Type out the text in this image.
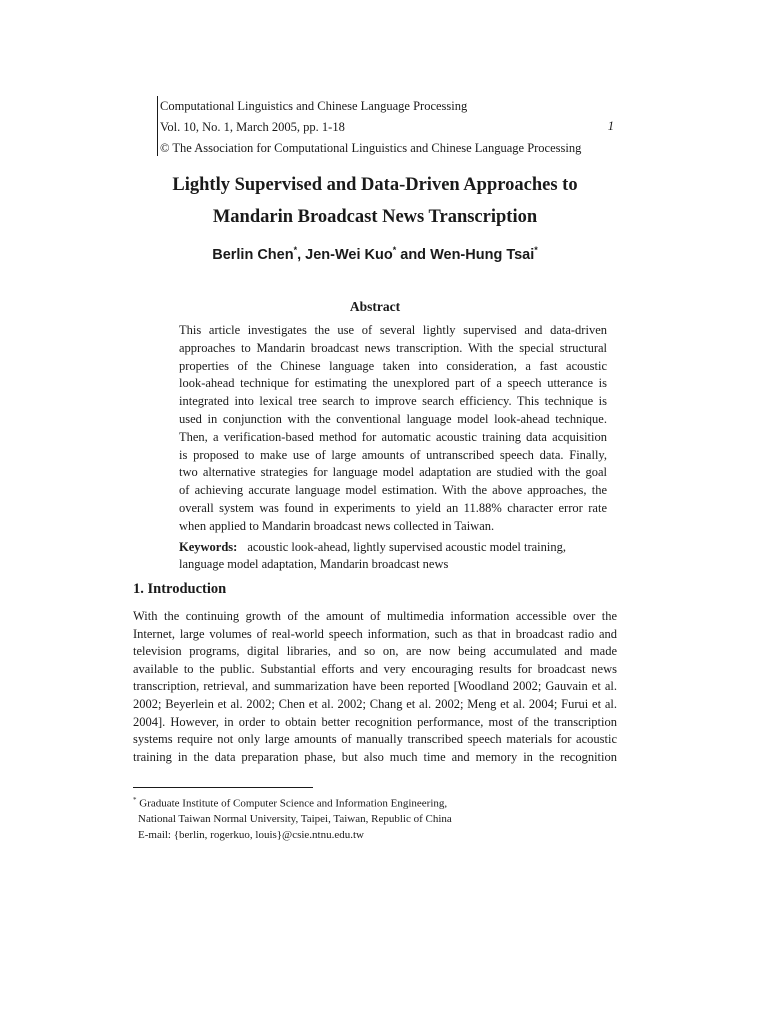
Computational Linguistics and Chinese Language Processing
Vol. 10, No. 1, March 2005, pp. 1-18
© The Association for Computational Linguistics and Chinese Language Processing
1
Lightly Supervised and Data-Driven Approaches to
Mandarin Broadcast News Transcription
Berlin Chen*, Jen-Wei Kuo* and Wen-Hung Tsai*
Abstract
This article investigates the use of several lightly supervised and data-driven
approaches to Mandarin broadcast news transcription. With the special structural
properties of the Chinese language taken into consideration, a fast acoustic
look-ahead technique for estimating the unexplored part of a speech utterance is
integrated into lexical tree search to improve search efficiency. This technique is
used in conjunction with the conventional language model look-ahead technique.
Then, a verification-based method for automatic acoustic training data acquisition
is proposed to make use of large amounts of untranscribed speech data. Finally,
two alternative strategies for language model adaptation are studied with the goal
of achieving accurate language model estimation. With the above approaches, the
overall system was found in experiments to yield an 11.88% character error rate
when applied to Mandarin broadcast news collected in Taiwan.
Keywords: acoustic look-ahead, lightly supervised acoustic model training,
language model adaptation, Mandarin broadcast news
1. Introduction
With the continuing growth of the amount of multimedia information accessible over the
Internet, large volumes of real-world speech information, such as that in broadcast radio and
television programs, digital libraries, and so on, are now being accumulated and made
available to the public. Substantial efforts and very encouraging results for broadcast news
transcription, retrieval, and summarization have been reported [Woodland 2002; Gauvain et al.
2002; Beyerlein et al. 2002; Chen et al. 2002; Chang et al. 2002; Meng et al. 2004; Furui et al.
2004]. However, in order to obtain better recognition performance, most of the transcription
systems require not only large amounts of manually transcribed speech materials for acoustic
training in the data preparation phase, but also much time and memory in the recognition
* Graduate Institute of Computer Science and Information Engineering,
National Taiwan Normal University, Taipei, Taiwan, Republic of China
E-mail: {berlin, rogerkuo, louis}@csie.ntnu.edu.tw
